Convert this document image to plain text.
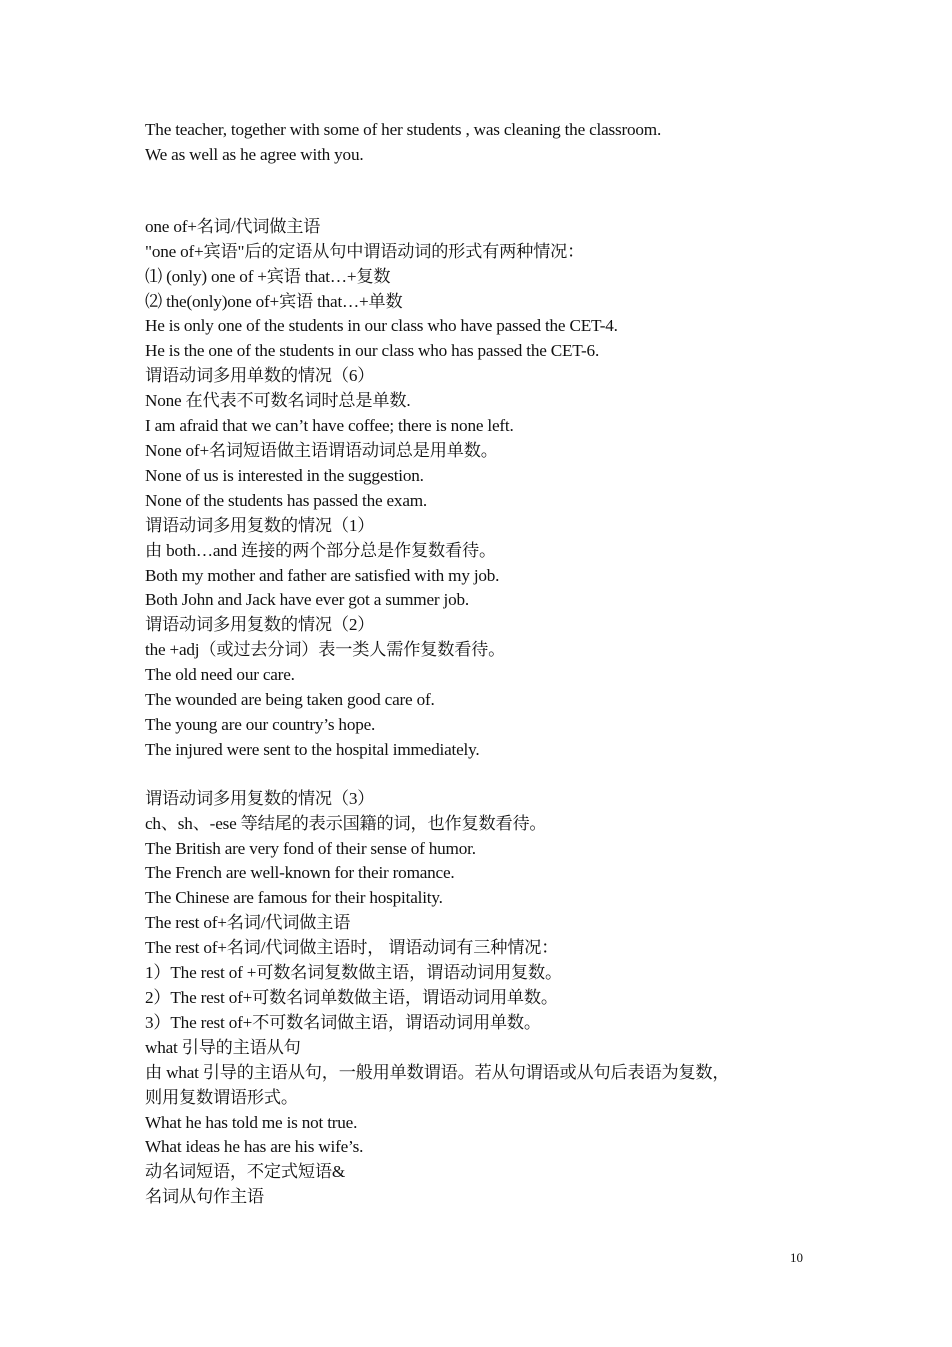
The teacher, together with some of her students , was cleaning the classroom.
We as well as he agree with you.
one of+名词/代词做主语
"one of+宾语"后的定语从句中谓语动词的形式有两种情况：
⑴ (only) one of +宾语 that…+复数
⑵ the(only)one of+宾语 that…+单数
He is only one of the students in our class who have passed the CET-4.
He is the one of the students in our class who has passed the CET-6.
谓语动词多用单数的情况（6）
None 在代表不可数名词时总是单数.
I am afraid that we can’t have coffee; there is none left.
None of+名词短语做主语谓语动词总是用单数。
None of us is interested in the suggestion.
None of the students has passed the exam.
谓语动词多用复数的情况（1）
由 both…and 连接的两个部分总是作复数看待。
Both my mother and father are satisfied with my job.
Both John and Jack have ever got a summer job.
谓语动词多用复数的情况（2）
the +adj（或过去分词）表一类人需作复数看待。
The old need our care.
The wounded are being taken good care of.
The young are our country’s hope.
The injured were sent to the hospital immediately.
谓语动词多用复数的情况（3）
ch、sh、-ese 等结尾的表示国籍的词，也作复数看待。
The British are very fond of their sense of humor.
The French are well-known for their romance.
The Chinese are famous for their hospitality.
The rest of+名词/代词做主语
The rest of+名词/代词做主语时， 谓语动词有三种情况：
1）The rest of +可数名词复数做主语，谓语动词用复数。
2）The rest of+可数名词单数做主语，谓语动词用单数。
3）The rest of+不可数名词做主语，谓语动词用单数。
what 引导的主语从句
由 what 引导的主语从句，一般用单数谓语。若从句谓语或从句后表语为复数，
则用复数谓语形式。
What he has told me is not true.
What ideas he has are his wife’s.
动名词短语，不定式短语&
名词从句作主语
10
